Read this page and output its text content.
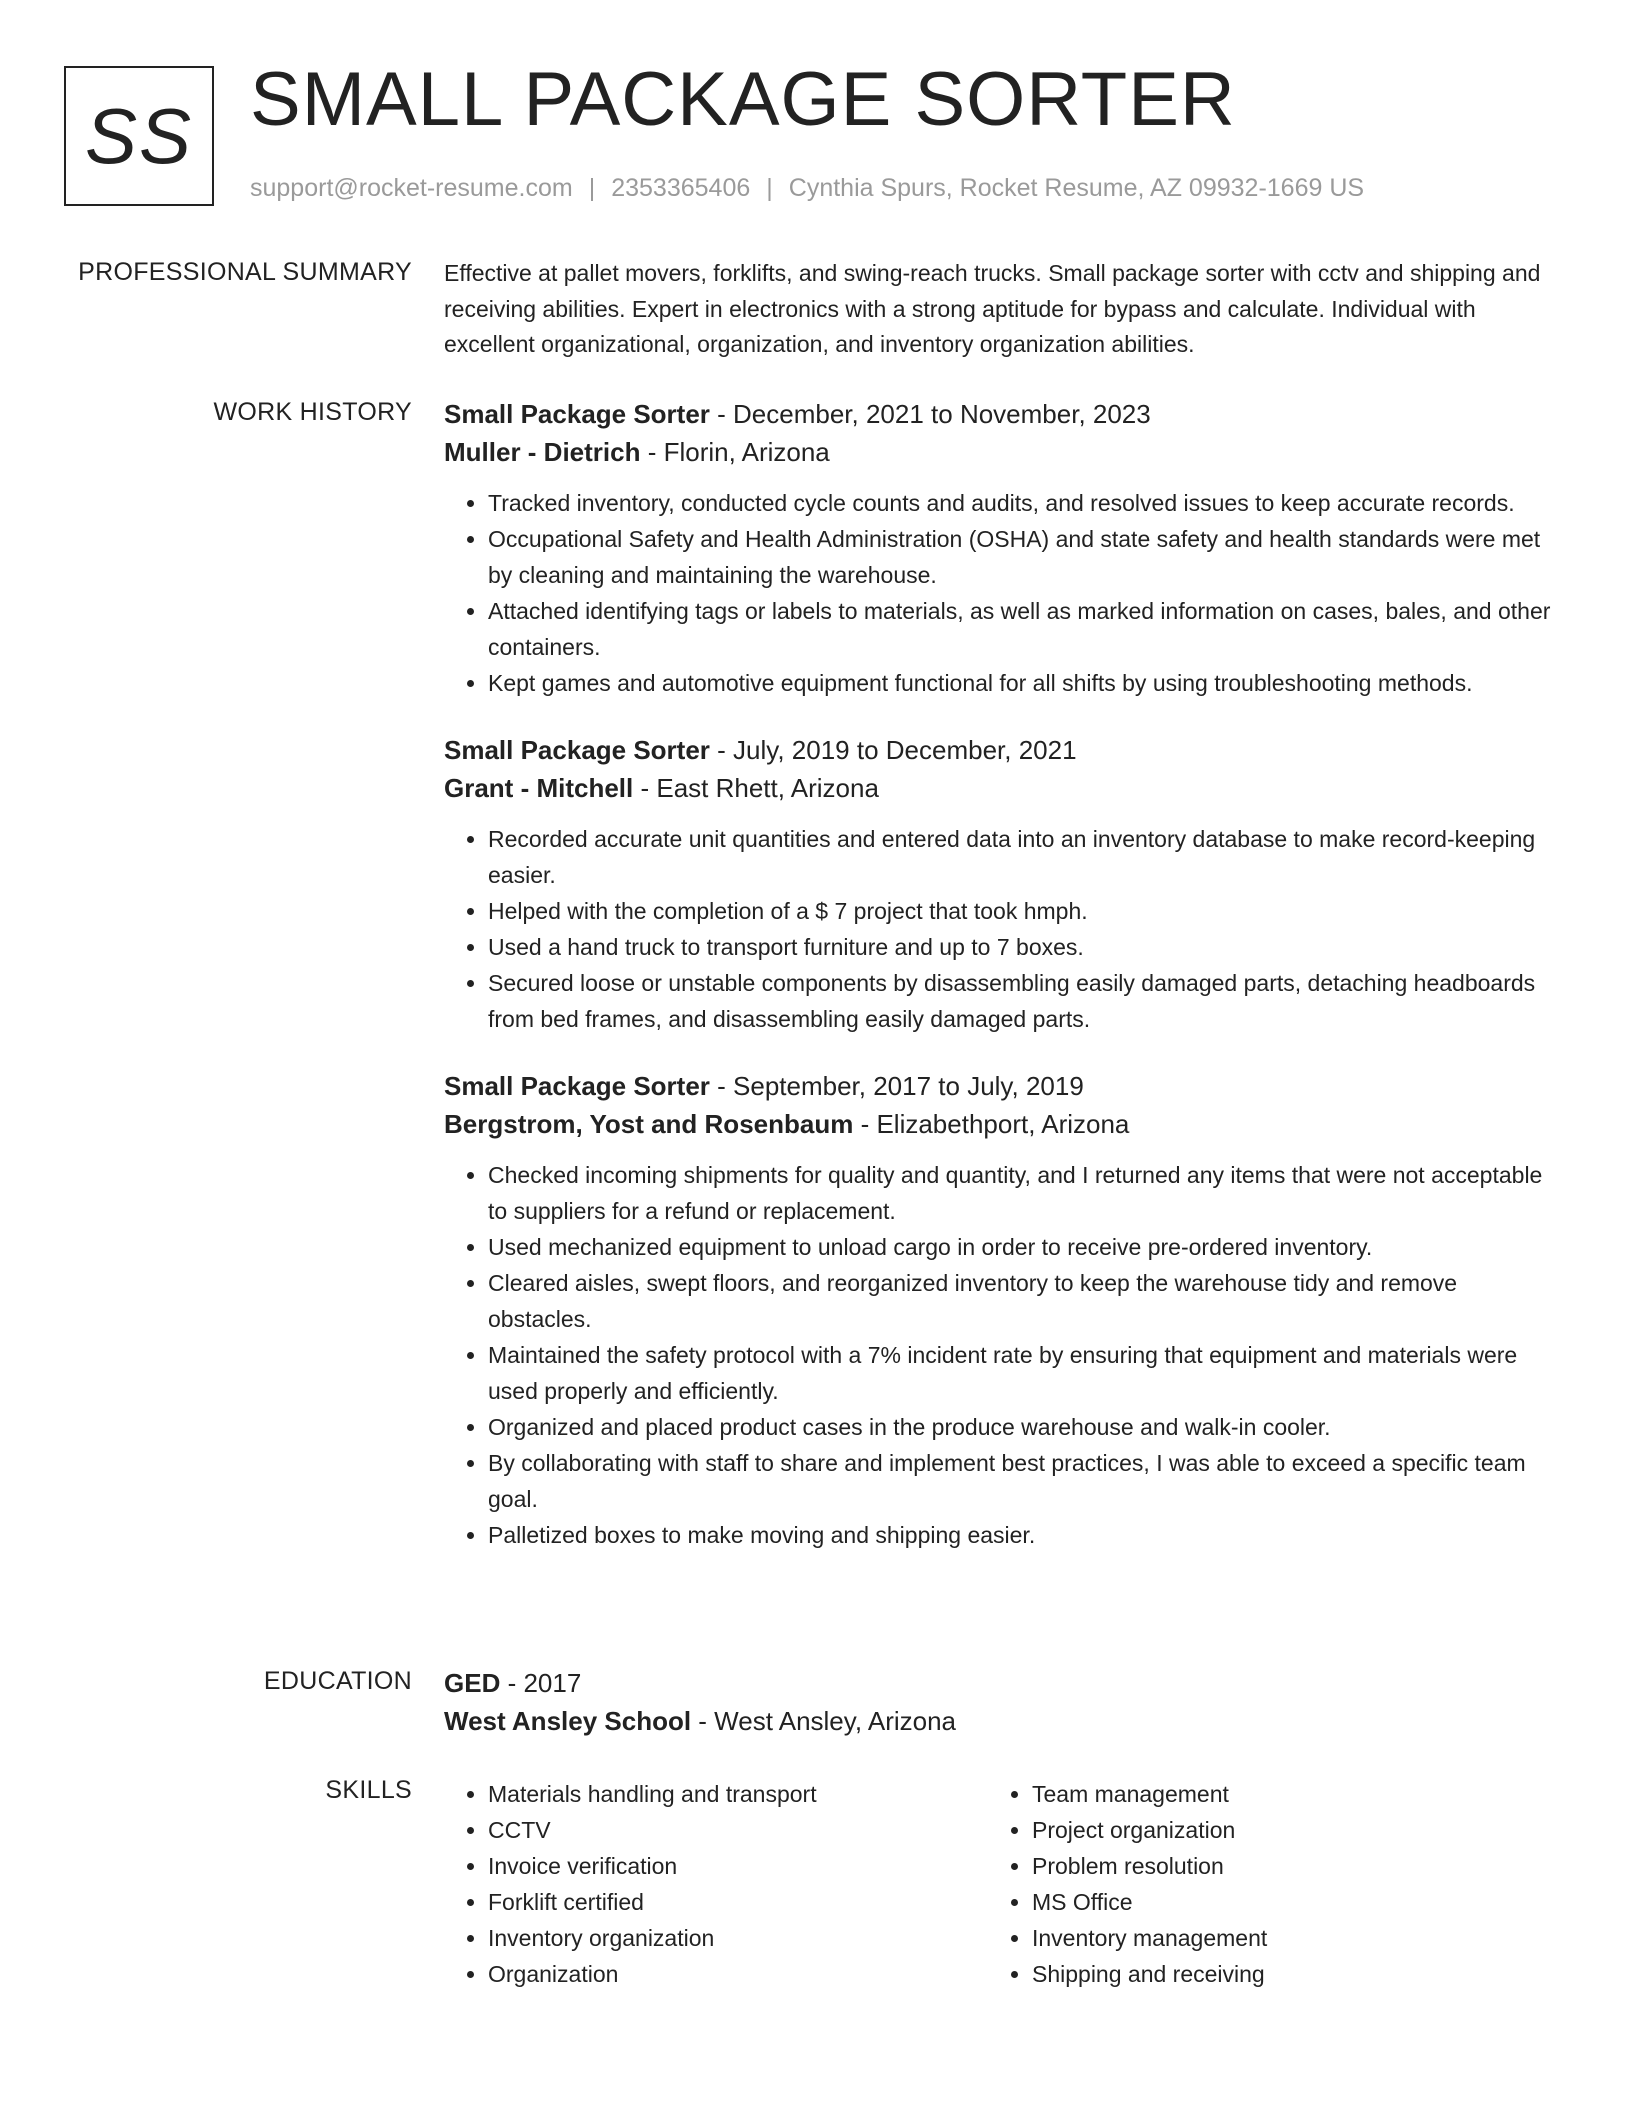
SS SMALL PACKAGE SORTER
support@rocket-resume.com | 2353365406 | Cynthia Spurs, Rocket Resume, AZ 09932-1669 US
PROFESSIONAL SUMMARY Effective at pallet movers, forklifts, and swing-reach trucks. Small package sorter with cctv and shipping and receiving abilities. Expert in electronics with a strong aptitude for bypass and calculate. Individual with excellent organizational, organization, and inventory organization abilities.
WORK HISTORY Small Package Sorter - December, 2021 to November, 2023
Muller - Dietrich - Florin, Arizona
• Tracked inventory, conducted cycle counts and audits, and resolved issues to keep accurate records.
• Occupational Safety and Health Administration (OSHA) and state safety and health standards were met by cleaning and maintaining the warehouse.
• Attached identifying tags or labels to materials, as well as marked information on cases, bales, and other containers.
• Kept games and automotive equipment functional for all shifts by using troubleshooting methods.
Small Package Sorter - July, 2019 to December, 2021
Grant - Mitchell - East Rhett, Arizona
• Recorded accurate unit quantities and entered data into an inventory database to make record-keeping easier.
• Helped with the completion of a $ 7 project that took hmph.
• Used a hand truck to transport furniture and up to 7 boxes.
• Secured loose or unstable components by disassembling easily damaged parts, detaching headboards from bed frames, and disassembling easily damaged parts.
Small Package Sorter - September, 2017 to July, 2019
Bergstrom, Yost and Rosenbaum - Elizabethport, Arizona
• Checked incoming shipments for quality and quantity, and I returned any items that were not acceptable to suppliers for a refund or replacement.
• Used mechanized equipment to unload cargo in order to receive pre-ordered inventory.
• Cleared aisles, swept floors, and reorganized inventory to keep the warehouse tidy and remove obstacles.
• Maintained the safety protocol with a 7% incident rate by ensuring that equipment and materials were used properly and efficiently.
• Organized and placed product cases in the produce warehouse and walk-in cooler.
• By collaborating with staff to share and implement best practices, I was able to exceed a specific team goal.
• Palletized boxes to make moving and shipping easier.
EDUCATION GED - 2017
West Ansley School - West Ansley, Arizona
SKILLS
•	Materials handling and transport
• CCTV
• Invoice verification
• Forklift certified
• Inventory organization
• Organization
• Team management
• Project organization
• Problem resolution
• MS Office
• Inventory management
• Shipping and receiving
